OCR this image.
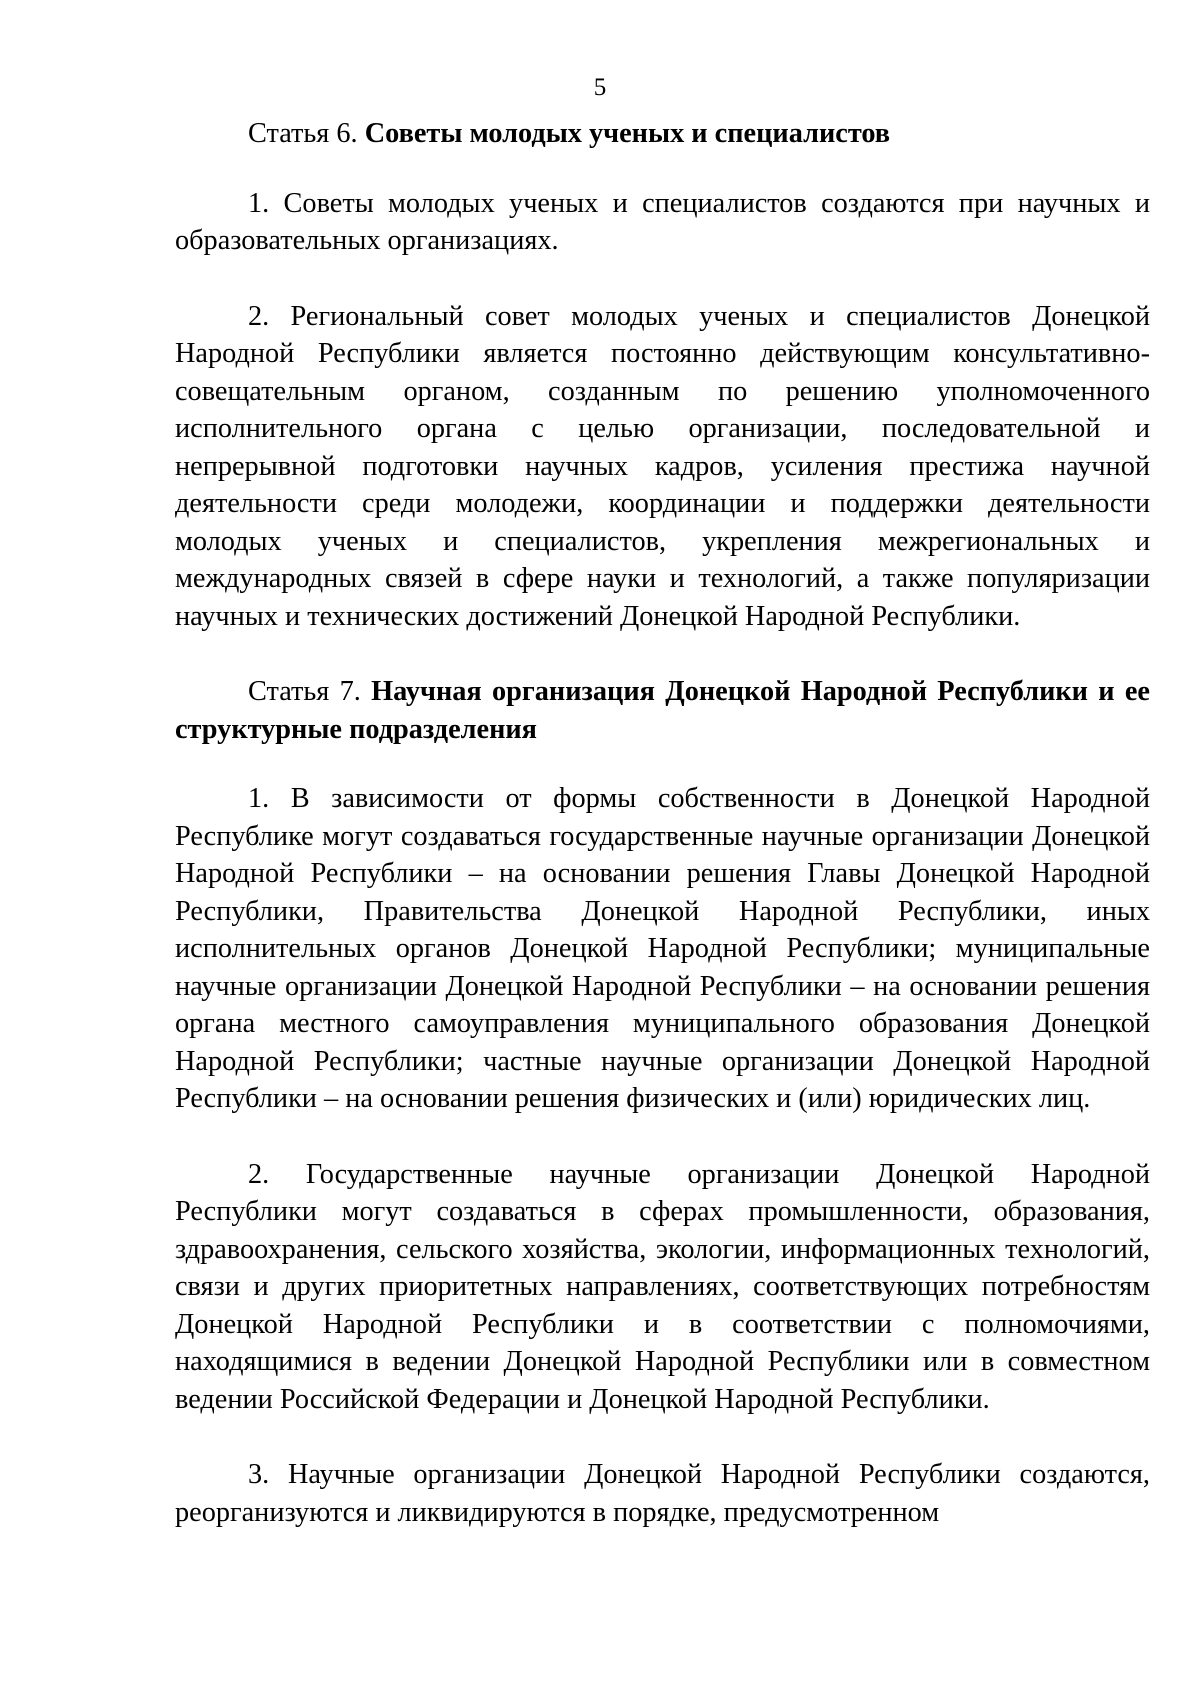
5

Статья 6. Советы молодых ученых и специалистов

1. Советы молодых ученых и специалистов создаются при научных и образовательных организациях.

2. Региональный совет молодых ученых и специалистов Донецкой Народной Республики является постоянно действующим консультативно-совещательным органом, созданным по решению уполномоченного исполнительного органа с целью организации, последовательной и непрерывной подготовки научных кадров, усиления престижа научной деятельности среди молодежи, координации и поддержки деятельности молодых ученых и специалистов, укрепления межрегиональных и международных связей в сфере науки и технологий, а также популяризации научных и технических достижений Донецкой Народной Республики.

Статья 7. Научная организация Донецкой Народной Республики и ее структурные подразделения

1. В зависимости от формы собственности в Донецкой Народной Республике могут создаваться государственные научные организации Донецкой Народной Республики – на основании решения Главы Донецкой Народной Республики, Правительства Донецкой Народной Республики, иных исполнительных органов Донецкой Народной Республики; муниципальные научные организации Донецкой Народной Республики – на основании решения органа местного самоуправления муниципального образования Донецкой Народной Республики; частные научные организации Донецкой Народной Республики – на основании решения физических и (или) юридических лиц.

2. Государственные научные организации Донецкой Народной Республики могут создаваться в сферах промышленности, образования, здравоохранения, сельского хозяйства, экологии, информационных технологий, связи и других приоритетных направлениях, соответствующих потребностям Донецкой Народной Республики и в соответствии с полномочиями, находящимися в ведении Донецкой Народной Республики или в совместном ведении Российской Федерации и Донецкой Народной Республики.

3. Научные организации Донецкой Народной Республики создаются, реорганизуются и ликвидируются в порядке, предусмотренном
